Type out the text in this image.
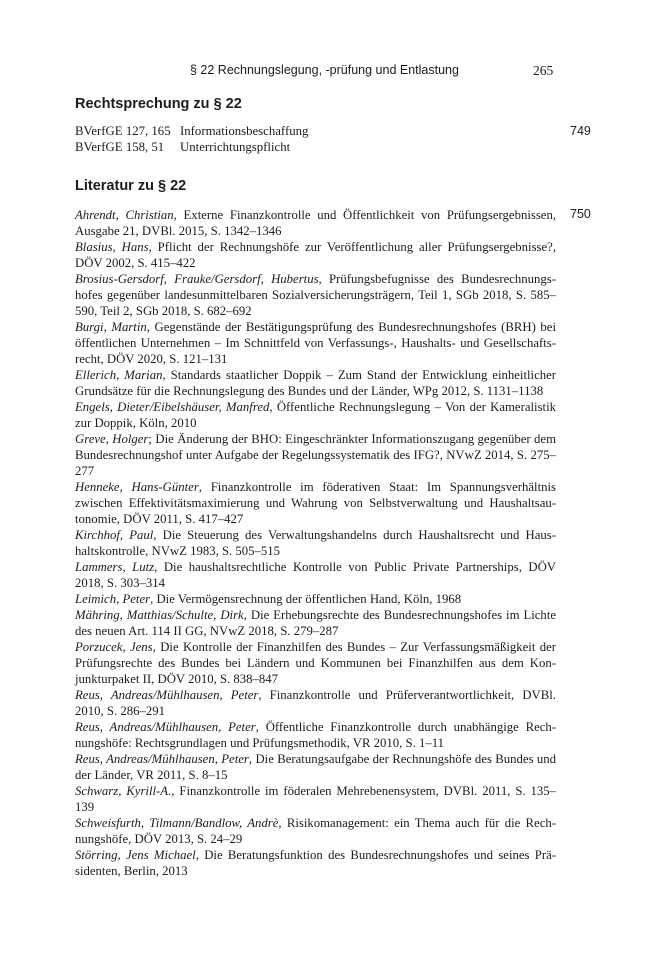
§ 22 Rechnungslegung, -prüfung und Entlastung	265
Rechtsprechung zu § 22
BVerfGE 127, 165 Informationsbeschaffung
BVerfGE 158, 51 Unterrichtungspflicht
749
Literatur zu § 22
750

Ahrendt, Christian, Externe Finanzkontrolle und Öffentlichkeit von Prüfungsergebnissen, Ausgabe 21, DVBl. 2015, S. 1342–1346

Blasius, Hans, Pflicht der Rechnungshöfe zur Veröffentlichung aller Prüfungsergebnisse?, DÖV 2002, S. 415–422

Brosius-Gersdorf, Frauke/Gersdorf, Hubertus, Prüfungsbefugnisse des Bundesrechnungshofes gegenüber landesunmittelbaren Sozialversicherungsträgern, Teil 1, SGb 2018, S. 585–590, Teil 2, SGb 2018, S. 682–692

Burgi, Martin, Gegenstände der Bestätigungsprüfung des Bundesrechnungshofes (BRH) bei öffentlichen Unternehmen – Im Schnittfeld von Verfassungs-, Haushalts- und Gesellschaftsrecht, DÖV 2020, S. 121–131

Ellerich, Marian, Standards staatlicher Doppik – Zum Stand der Entwicklung einheitlicher Grundsätze für die Rechnungslegung des Bundes und der Länder, WPg 2012, S. 1131–1138

Engels, Dieter/Eibelshäuser, Manfred, Öffentliche Rechnungslegung – Von der Kameralistik zur Doppik, Köln, 2010

Greve, Holger; Die Änderung der BHO: Eingeschränkter Informationszugang gegenüber dem Bundesrechnungshof unter Aufgabe der Regelungssystematik des IFG?, NVwZ 2014, S. 275–277

Henneke, Hans-Günter, Finanzkontrolle im föderativen Staat: Im Spannungsverhältnis zwischen Effektivitätsmaximierung und Wahrung von Selbstverwaltung und Haushaltsautonomie, DÖV 2011, S. 417–427

Kirchhof, Paul, Die Steuerung des Verwaltungshandelns durch Haushaltsrecht und Haushaltskontrolle, NVwZ 1983, S. 505–515

Lammers, Lutz, Die haushaltsrechtliche Kontrolle von Public Private Partnerships, DÖV 2018, S. 303–314

Leimich, Peter, Die Vermögensrechnung der öffentlichen Hand, Köln, 1968

Mähring, Matthias/Schulte, Dirk, Die Erhebungsrechte des Bundesrechnungshofes im Lichte des neuen Art. 114 II GG, NVwZ 2018, S. 279–287

Porzucek, Jens, Die Kontrolle der Finanzhilfen des Bundes – Zur Verfassungsmäßigkeit der Prüfungsrechte des Bundes bei Ländern und Kommunen bei Finanzhilfen aus dem Konjunkturpaket II, DÖV 2010, S. 838–847

Reus, Andreas/Mühlhausen, Peter, Finanzkontrolle und Prüferverantwortlichkeit, DVBl. 2010, S. 286–291

Reus, Andreas/Mühlhausen, Peter, Öffentliche Finanzkontrolle durch unabhängige Rechnungshöfe: Rechtsgrundlagen und Prüfungsmethodik, VR 2010, S. 1–11

Reus, Andreas/Mühlhausen, Peter, Die Beratungsaufgabe der Rechnungshöfe des Bundes und der Länder, VR 2011, S. 8–15

Schwarz, Kyrill-A., Finanzkontrolle im föderalen Mehrebenensystem, DVBl. 2011, S. 135–139

Schweisfurth, Tilmann/Bandlow, Andrè, Risikomanagement: ein Thema auch für die Rechnungshöfe, DÖV 2013, S. 24–29

Störring, Jens Michael, Die Beratungsfunktion des Bundesrechnungshofes und seines Präsidenten, Berlin, 2013
